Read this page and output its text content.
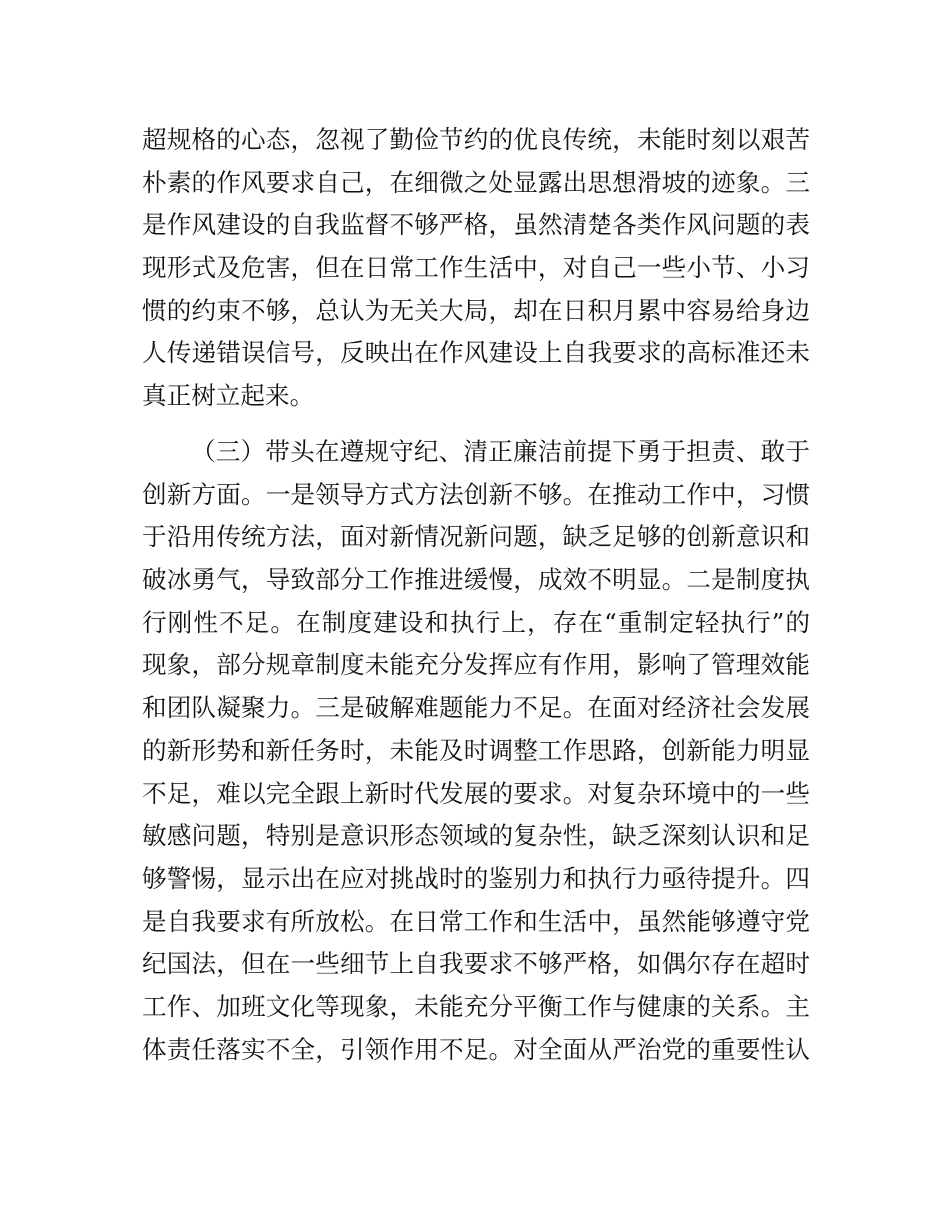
超规格的心态，忽视了勤俭节约的优良传统，未能时刻以艰苦
朴素的作风要求自己，在细微之处显露出思想滑坡的迹象。三
是作风建设的自我监督不够严格，虽然清楚各类作风问题的表
现形式及危害，但在日常工作生活中，对自己一些小节、小习
惯的约束不够，总认为无关大局，却在日积月累中容易给身边
人传递错误信号，反映出在作风建设上自我要求的高标准还未
真正树立起来。
（三）带头在遵规守纪、清正廉洁前提下勇于担责、敢于
创新方面。一是领导方式方法创新不够。在推动工作中，习惯
于沿用传统方法，面对新情况新问题，缺乏足够的创新意识和
破冰勇气，导致部分工作推进缓慢，成效不明显。二是制度执
行刚性不足。在制度建设和执行上，存在“重制定轻执行”的
现象，部分规章制度未能充分发挥应有作用，影响了管理效能
和团队凝聚力。三是破解难题能力不足。在面对经济社会发展
的新形势和新任务时，未能及时调整工作思路，创新能力明显
不足，难以完全跟上新时代发展的要求。对复杂环境中的一些
敏感问题，特别是意识形态领域的复杂性，缺乏深刻认识和足
够警惕，显示出在应对挑战时的鉴别力和执行力亟待提升。四
是自我要求有所放松。在日常工作和生活中，虽然能够遵守党
纪国法，但在一些细节上自我要求不够严格，如偶尔存在超时
工作、加班文化等现象，未能充分平衡工作与健康的关系。主
体责任落实不全，引领作用不足。对全面从严治党的重要性认
